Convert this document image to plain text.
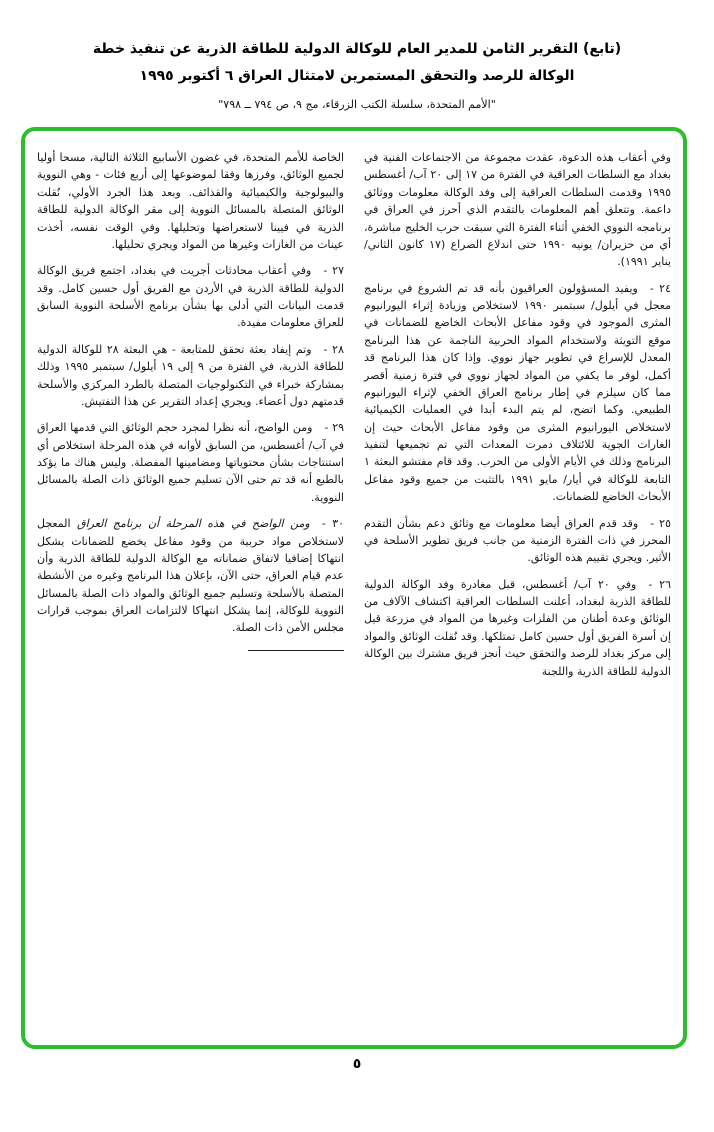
(تابع) التقرير الثامن للمدير العام للوكالة الدولية للطاقة الذرية عن تنفيذ خطة
الوكالة للرصد والتحقق المستمرين لامتثال العراق ٦ أكتوبر ١٩٩٥
"الأمم المتحدة، سلسلة الكتب الزرقاء، مج ٩، ص ٧٩٤ ــ ٧٩٨"

وفي أعقاب هذه الدعوة، عقدت مجموعة من الاجتماعات الفنية في بغداد مع السلطات العراقية في الفترة من ١٧ إلى ٢٠ آب/ أغسطس ١٩٩٥ وقدمت السلطات العراقية إلى وفد الوكالة معلومات ووثائق داعمة. وتتعلق أهم المعلومات بالتقدم الذي أحرز في العراق في برنامجه النووي الخفي أثناء الفترة التي سبقت حرب الخليج مباشرة، أي من حزيران/ يونيه ١٩٩٠ حتى اندلاع الصراع (١٧ كانون الثاني/ يناير ١٩٩١).

٢٤ -ويفيد المسؤولون العراقيون بأنه قد تم الشروع في برنامج معجل في أيلول/ سبتمبر ١٩٩٠ لاستخلاص وزيادة إثراء اليورانيوم المثرى الموجود في وقود مفاعل الأبحاث الخاضع للضمانات في موقع التويثة ولاستخدام المواد الحربية الناجمة عن هذا البرنامج المعدل للإسراع في تطوير جهاز نووي. وإذا كان هذا البرنامج قد أكمل، لوفر ما يكفي من المواد لجهاز نووي في فترة زمنية أقصر مما كان سيلزم في إطار برنامج العراق الخفي لإثراء اليورانيوم الطبيعي. وكما اتضح، لم يتم البدء أبدا في العمليات الكيميائية لاستخلاص اليورانيوم المثرى من وقود مفاعل الأبحاث حيث إن الغارات الجوية للائتلاف دمرت المعدات التي تم تجميعها لتنفيذ البرنامج وذلك في الأيام الأولى من الحرب. وقد قام مفتشو البعثة ١ التابعة للوكالة في أيار/ مايو ١٩٩١ بالتثبت من جميع وقود مفاعل الأبحاث الخاضع للضمانات.

٢٥ -وقد قدم العراق أيضا معلومات مع وثائق دعم بشأن التقدم المحرز في ذات الفترة الزمنية من جانب فريق تطوير الأسلحة في الأثير. ويجري تقييم هذه الوثائق.

٢٦ -وفي ٢٠ آب/ أغسطس، قبل مغادرة وفد الوكالة الدولية للطاقة الذرية لبغداد، أعلنت السلطات العراقية اكتشاف الآلاف من الوثائق وعدة أطنان من الفلزات وغيرها من المواد في مزرعة قيل إن أسرة الفريق أول حسين كامل تمتلكها. وقد نُقلت الوثائق والمواد إلى مركز بغداد للرصد والتحقق حيث أنجز فريق مشترك بين الوكالة الدولية للطاقة الذرية واللجنة

الخاصة للأمم المتحدة، في غضون الأسابيع الثلاثة التالية، مسحا أوليا لجميع الوثائق، وفرزها وفقا لموضوعها إلى أربع فئات - وهي النووية والبيولوجية والكيميائية والقذائف. وبعد هذا الجرد الأولي، نُقلت الوثائق المتصلة بالمسائل النووية إلى مقر الوكالة الدولية للطاقة الذرية في فيينا لاستعراضها وتحليلها. وفي الوقت نفسه، أخذت عينات من الغازات وغيرها من المواد ويجري تحليلها.

٢٧ -وفي أعقاب محادثات أجريت في بغداد، اجتمع فريق الوكالة الدولية للطاقة الذرية في الأردن مع الفريق أول حسين كامل. وقد قدمت البيانات التي أدلى بها بشأن برنامج الأسلحة النووية السابق للعراق معلومات مفيدة.

٢٨ -وتم إيفاد بعثة تحقق للمتابعة - هي البعثة ٢٨ للوكالة الدولية للطاقة الذرية، في الفترة من ٩ إلى ١٩ أيلول/ سبتمبر ١٩٩٥ وذلك بمشاركة خبراء في التكنولوجيات المتصلة بالطرد المركزي والأسلحة قدمتهم دول أعضاء. ويجري إعداد التقرير عن هذا التفتيش.

٢٩ -ومن الواضح، أنه نظرا لمجرد حجم الوثائق التي قدمها العراق في آب/ أغسطس، من السابق لأوانه في هذه المرحلة استخلاص أي استنتاجات بشأن محتوياتها ومضامينها المفصلة. وليس هناك ما يؤكد بالطبع أنه قد تم حتى الآن تسليم جميع الوثائق ذات الصلة بالمسائل النووية.

٣٠ -ومن الواضح في هذه المرحلة أن برنامج العراق المعجل لاستخلاص مواد حربية من وقود مفاعل يخضع للضمانات يشكل انتهاكا إضافيا لاتفاق ضماناته مع الوكالة الدولية للطاقة الذرية وأن عدم قيام العراق، حتى الآن، بإعلان هذا البرنامج وغيره من الأنشطة المتصلة بالأسلحة وتسليم جميع الوثائق والمواد ذات الصلة بالمسائل النووية للوكالة، إنما يشكل انتهاكا لالتزامات العراق بموجب قرارات مجلس الأمن ذات الصلة.

٥
